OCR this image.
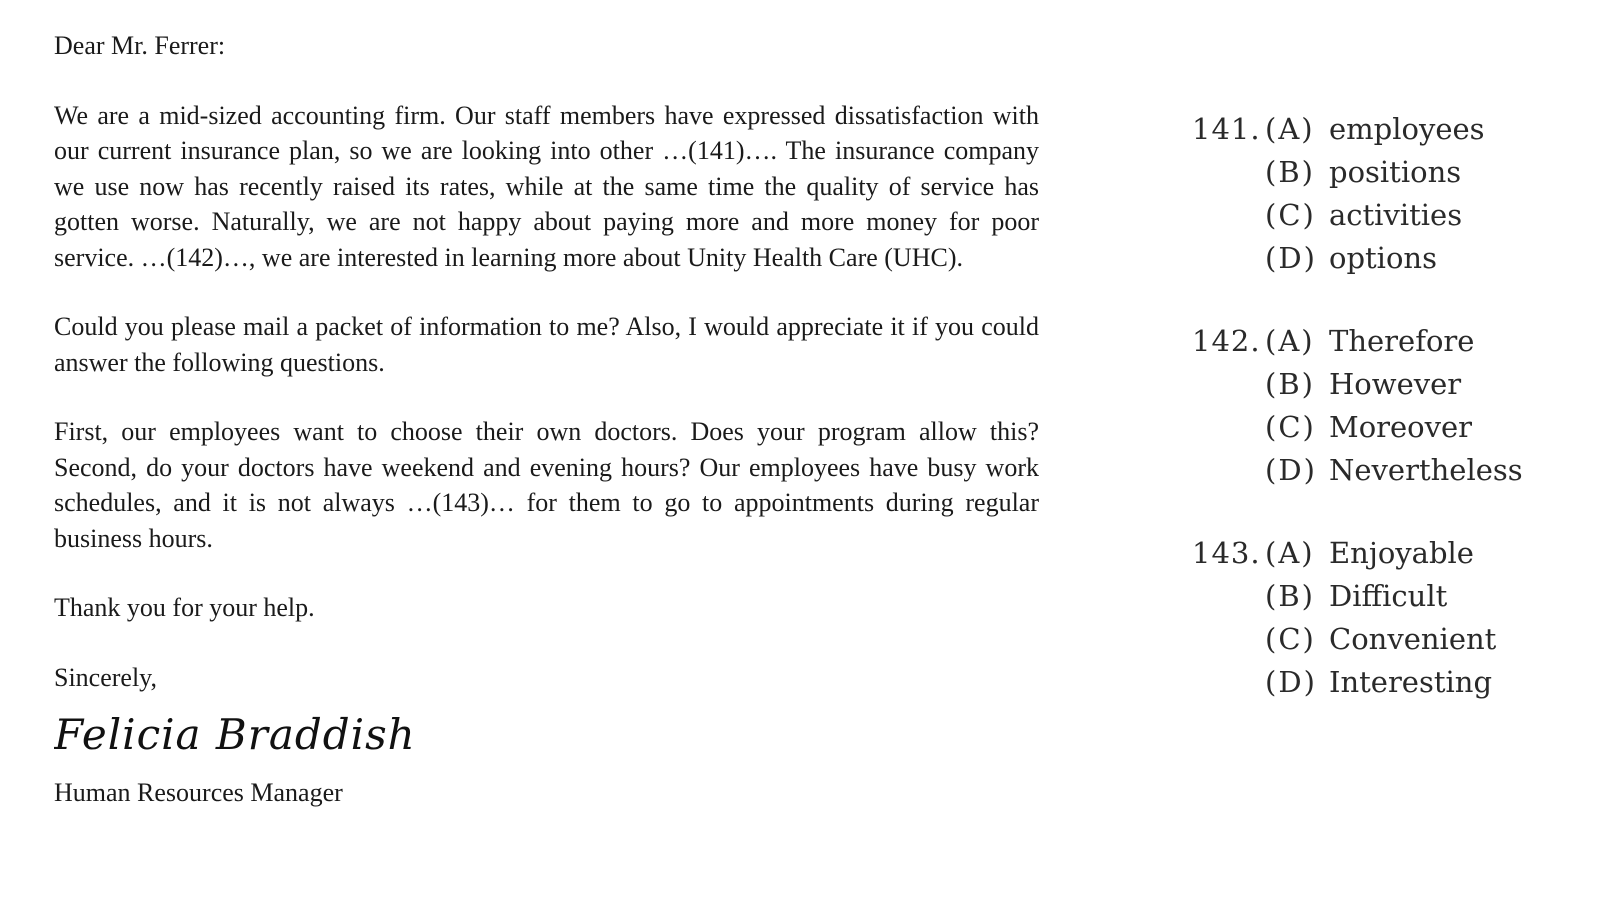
Dear Mr. Ferrer:

We are a mid-sized accounting firm. Our staff members have expressed dissatisfaction with our current insurance plan, so we are looking into other …(141)…. The insurance company we use now has recently raised its rates, while at the same time the quality of service has gotten worse. Naturally, we are not happy about paying more and more money for poor service. …(142)…, we are interested in learning more about Unity Health Care (UHC).

Could you please mail a packet of information to me? Also, I would appreciate it if you could answer the following questions.

First, our employees want to choose their own doctors. Does your program allow this? Second, do your doctors have weekend and evening hours? Our employees have busy work schedules, and it is not always …(143)… for them to go to appointments during regular business hours.

Thank you for your help.

Sincerely,

Felicia Braddish

Human Resources Manager

141. (A) employees
(B) positions
(C) activities
(D) options
142. (A) Therefore
(B) However
(C) Moreover
(D) Nevertheless
143. (A) Enjoyable
(B) Difficult
(C) Convenient
(D) Interesting
